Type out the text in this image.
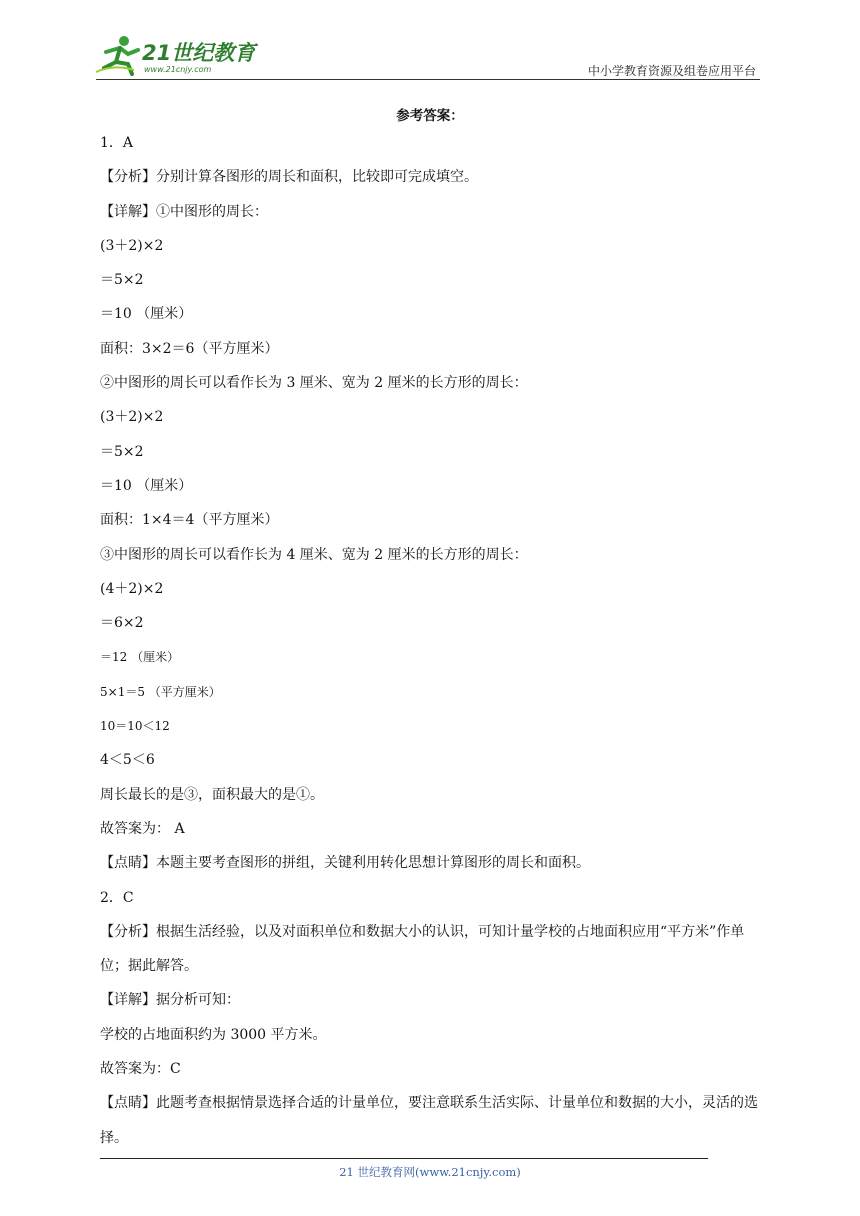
21世纪教育
www.21cnjy.com	中小学教育资源及组卷应用平台
参考答案：
1．A
【分析】分别计算各图形的周长和面积，比较即可完成填空。
【详解】①中图形的周长：
(3＋2)×2
＝5×2
＝10 （厘米）
面积：3×2＝6（平方厘米）
②中图形的周长可以看作长为 3 厘米、宽为 2 厘米的长方形的周长：
(3＋2)×2
＝5×2
＝10 （厘米）
面积：1×4＝4（平方厘米）
③中图形的周长可以看作长为 4 厘米、宽为 2 厘米的长方形的周长：
(4＋2)×2
＝6×2
＝12 （厘米）
5×1＝5 （平方厘米）
10＝10＜12
4＜5＜6
周长最长的是③，面积最大的是①。
故答案为： A
【点睛】本题主要考查图形的拼组，关键利用转化思想计算图形的周长和面积。
2．C
【分析】根据生活经验，以及对面积单位和数据大小的认识，可知计量学校的占地面积应用“平方米”作单位；据此解答。
【详解】据分析可知：
学校的占地面积约为 3000 平方米。
故答案为：C
【点睛】此题考查根据情景选择合适的计量单位，要注意联系生活实际、计量单位和数据的大小，灵活的选择。
21 世纪教育网(www.21cnjy.com)
